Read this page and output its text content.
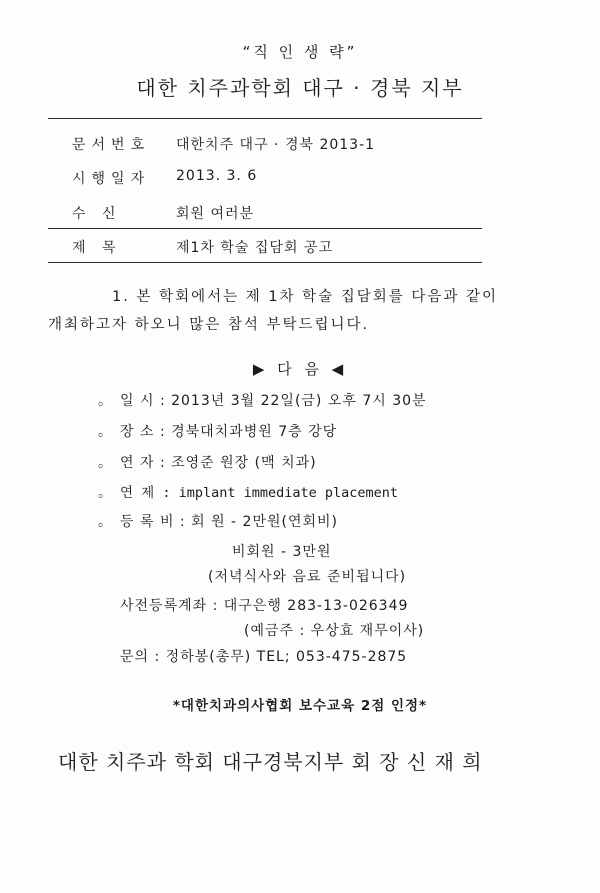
“직 인 생 략”
대한 치주과학회 대구 · 경북 지부
문서번호 대한치주 대구 · 경북 2013-1
시행일자 2013. 3. 6
수 신	회원 여러분
제 목	제1차 학술 집담회 공고
1. 본 학회에서는 제 1차 학술 집담회를 다음과 같이
개최하고자 하오니 많은 참석 부탁드립니다.
▶ 다 음 ◀
。 일 시 : 2013년 3월 22일(금) 오후 7시 30분
。 장 소 : 경북대치과병원 7층 강당
。 연 자 : 조영준 원장 (맥 치과)
。 연 제 : implant immediate placement
。 등 록 비 : 회 원 - 2만원(연회비)
비회원 - 3만원
(저녁식사와 음료 준비됩니다)
사전등록계좌 : 대구은행 283-13-026349
(예금주 : 우상효 재무이사)
문의 : 정하봉(총무) TEL; 053-475-2875
*대한치과의사협회 보수교육 2점 인정*
대한 치주과 학회 대구경북지부 회 장 신 재 희
